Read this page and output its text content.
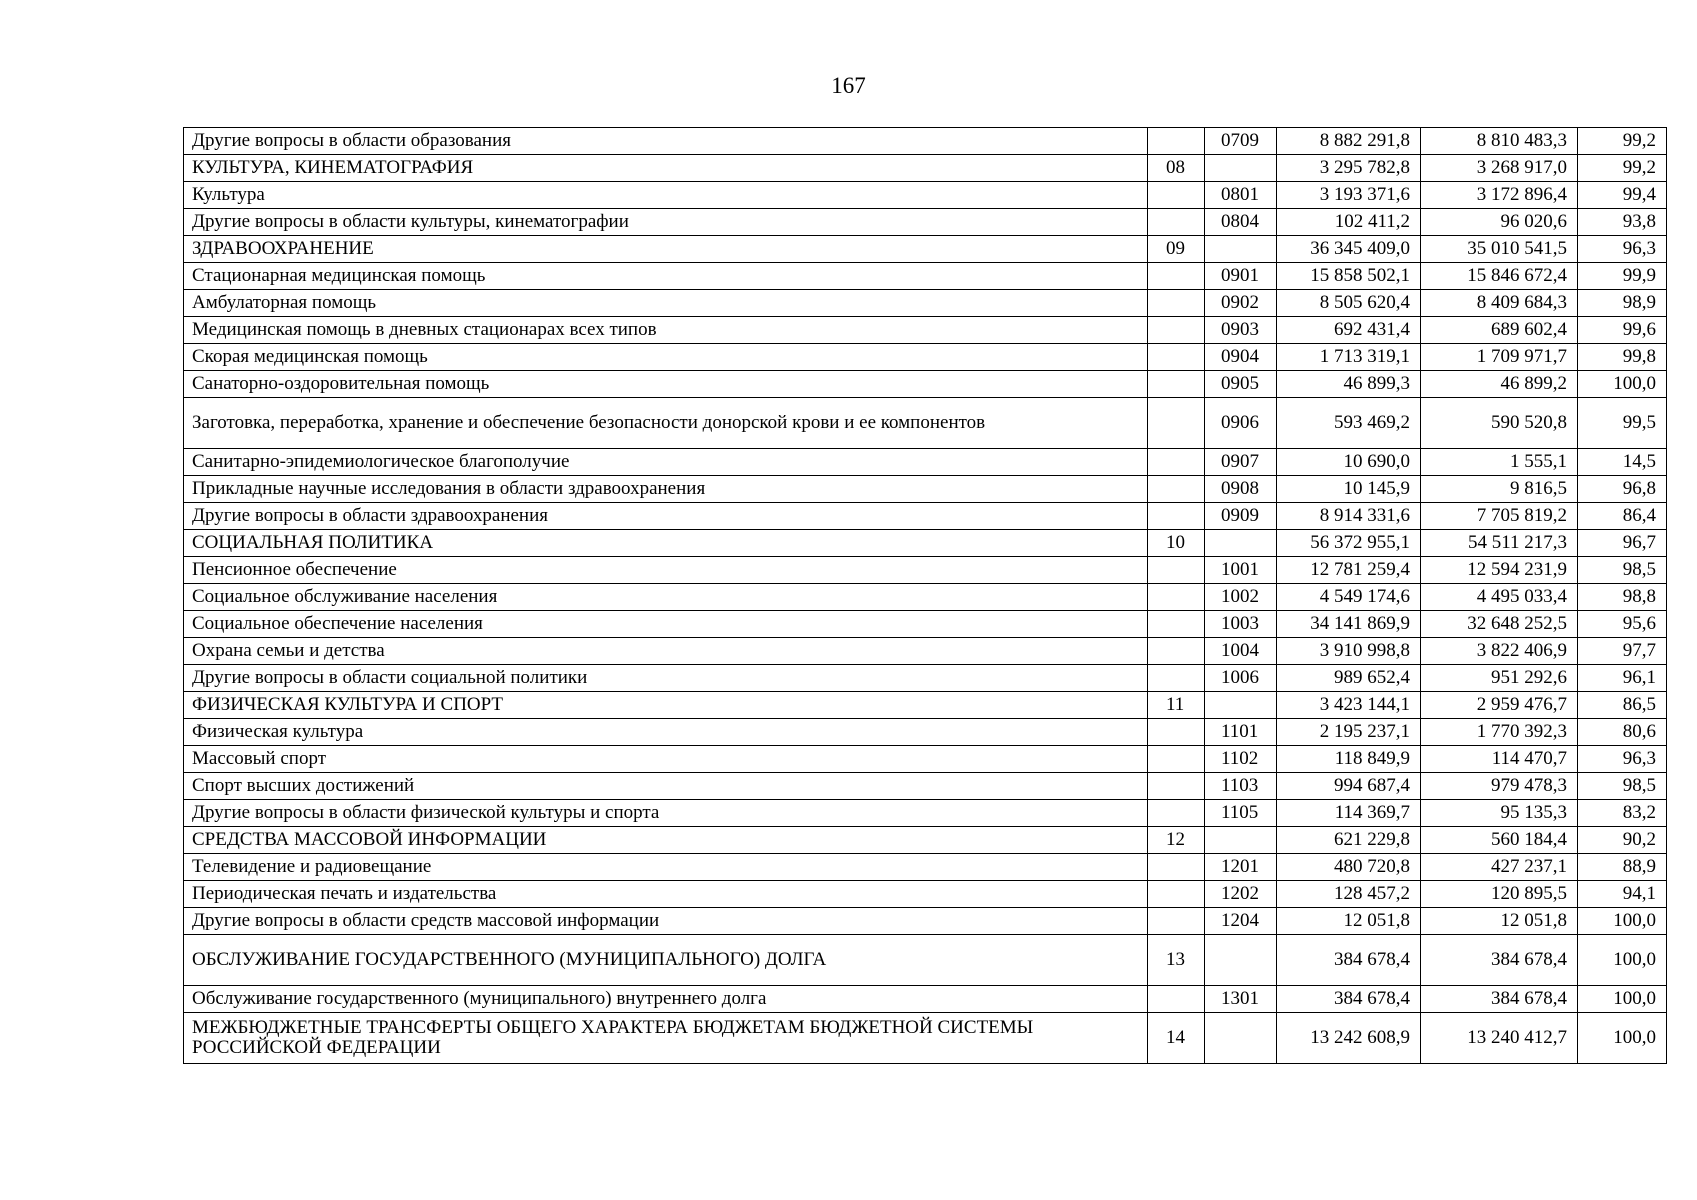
167
Другие вопросы в области образования		0709	8 882 291,8	8 810 483,3	99,2
КУЛЬТУРА, КИНЕМАТОГРАФИЯ	08		3 295 782,8	3 268 917,0	99,2
Культура		0801	3 193 371,6	3 172 896,4	99,4
Другие вопросы в области культуры, кинематографии		0804	102 411,2	96 020,6	93,8
ЗДРАВООХРАНЕНИЕ	09		36 345 409,0	35 010 541,5	96,3
Стационарная медицинская помощь		0901	15 858 502,1	15 846 672,4	99,9
Амбулаторная помощь		0902	8 505 620,4	8 409 684,3	98,9
Медицинская помощь в дневных стационарах всех типов		0903	692 431,4	689 602,4	99,6
Скорая медицинская помощь		0904	1 713 319,1	1 709 971,7	99,8
Санаторно-оздоровительная помощь		0905	46 899,3	46 899,2	100,0
Заготовка, переработка, хранение и обеспечение безопасности донорской крови и ее компонентов		0906	593 469,2	590 520,8	99,5
Санитарно-эпидемиологическое благополучие		0907	10 690,0	1 555,1	14,5
Прикладные научные исследования в области здравоохранения		0908	10 145,9	9 816,5	96,8
Другие вопросы в области здравоохранения		0909	8 914 331,6	7 705 819,2	86,4
СОЦИАЛЬНАЯ ПОЛИТИКА	10		56 372 955,1	54 511 217,3	96,7
Пенсионное обеспечение		1001	12 781 259,4	12 594 231,9	98,5
Социальное обслуживание населения		1002	4 549 174,6	4 495 033,4	98,8
Социальное обеспечение населения		1003	34 141 869,9	32 648 252,5	95,6
Охрана семьи и детства		1004	3 910 998,8	3 822 406,9	97,7
Другие вопросы в области социальной политики		1006	989 652,4	951 292,6	96,1
ФИЗИЧЕСКАЯ КУЛЬТУРА И СПОРТ	11		3 423 144,1	2 959 476,7	86,5
Физическая культура		1101	2 195 237,1	1 770 392,3	80,6
Массовый спорт		1102	118 849,9	114 470,7	96,3
Спорт высших достижений		1103	994 687,4	979 478,3	98,5
Другие вопросы в области физической культуры и спорта		1105	114 369,7	95 135,3	83,2
СРЕДСТВА МАССОВОЙ ИНФОРМАЦИИ	12		621 229,8	560 184,4	90,2
Телевидение и радиовещание		1201	480 720,8	427 237,1	88,9
Периодическая печать и издательства		1202	128 457,2	120 895,5	94,1
Другие вопросы в области средств массовой информации		1204	12 051,8	12 051,8	100,0
ОБСЛУЖИВАНИЕ ГОСУДАРСТВЕННОГО (МУНИЦИПАЛЬНОГО) ДОЛГА	13		384 678,4	384 678,4	100,0
Обслуживание государственного (муниципального) внутреннего долга		1301	384 678,4	384 678,4	100,0
МЕЖБЮДЖЕТНЫЕ ТРАНСФЕРТЫ ОБЩЕГО ХАРАКТЕРА БЮДЖЕТАМ БЮДЖЕТНОЙ СИСТЕМЫ РОССИЙСКОЙ ФЕДЕРАЦИИ	14		13 242 608,9	13 240 412,7	100,0
